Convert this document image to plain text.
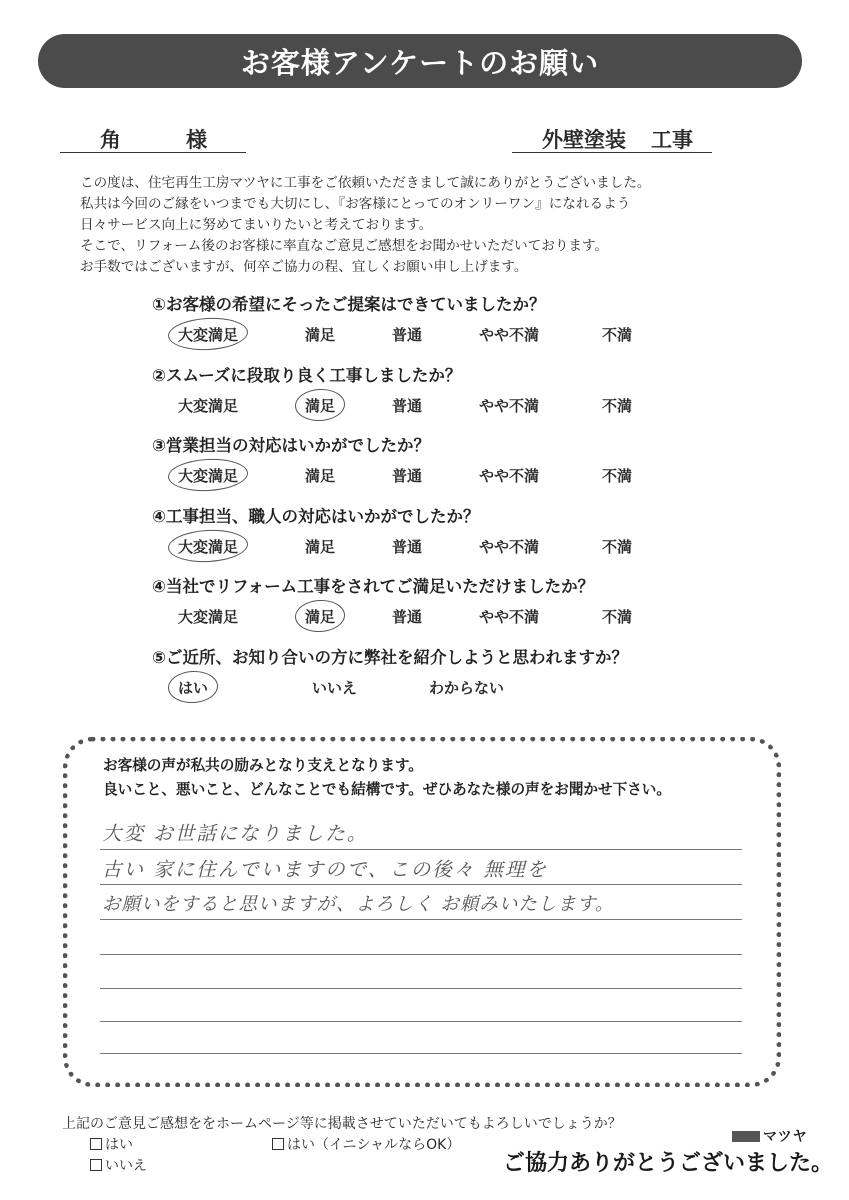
お客様アンケートのお願い
角	様	外壁塗装 工事

この度は、住宅再生工房マツヤに工事をご依頼いただきまして誠にありがとうございました。

私共は今回のご縁をいつまでも大切にし、『お客様にとってのオンリーワン』になれるよう

日々サービス向上に努めてまいりたいと考えております。

そこで、リフォーム後のお客様に率直なご意見ご感想をお聞かせいただいております。

お手数ではございますが、何卒ご協力の程、宜しくお願い申し上げます。

①お客様の希望にそったご提案はできていましたか？
大変満足	満足	普通	やや不満	不満
②スムーズに段取り良く工事しましたか？
大変満足	満足	普通	やや不満	不満
③営業担当の対応はいかがでしたか？
大変満足	満足	普通	やや不満	不満
④工事担当、職人の対応はいかがでしたか？
大変満足	満足	普通	やや不満	不満
④当社でリフォーム工事をされてご満足いただけましたか？
大変満足	満足	普通	やや不満	不満
⑤ご近所、お知り合いの方に弊社を紹介しようと思われますか？
はい	いいえ	わからない
お客様の声が私共の励みとなり支えとなります。
良いこと、悪いこと、どんなことでも結構です。ぜひあなた様の声をお聞かせ下さい。
大変 お世話になりました。
古い 家に住んでいますので、この後々 無理を
お願いをすると思いますが、よろしく お頼みいたします。
上記のご意見ご感想ををホームページ等に掲載させていただいてもよろしいでしょうか？
はい	はい（イニシャルならOK）
いいえ
マツヤ
ご協力ありがとうございました。
